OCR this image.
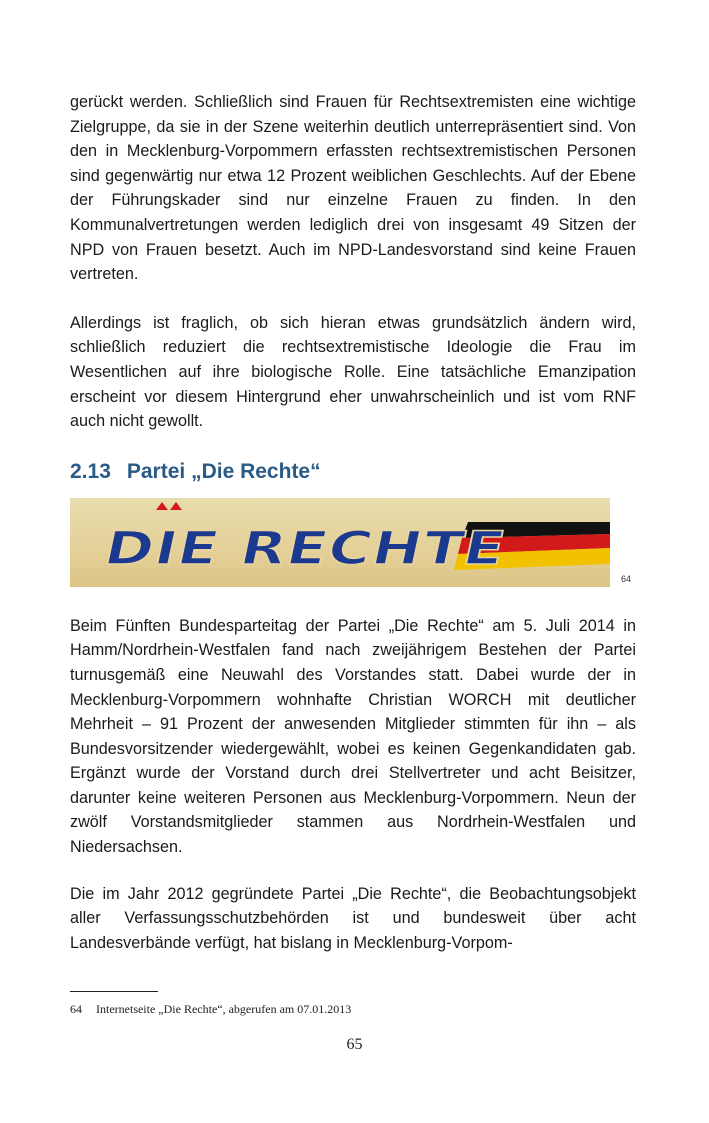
gerückt werden. Schließlich sind Frauen für Rechtsextremisten eine wichtige Zielgruppe, da sie in der Szene weiterhin deutlich unterrepräsentiert sind. Von den in Mecklenburg-Vorpommern erfassten rechtsextremistischen Personen sind gegenwärtig nur etwa 12 Prozent weiblichen Geschlechts. Auf der Ebene der Führungskader sind nur einzelne Frauen zu finden. In den Kommunalvertretungen werden lediglich drei von insgesamt 49 Sitzen der NPD von Frauen besetzt. Auch im NPD-Landesvorstand sind keine Frauen vertreten.

Allerdings ist fraglich, ob sich hieran etwas grundsätzlich ändern wird, schließlich reduziert die rechtsextremistische Ideologie die Frau im Wesentlichen auf ihre biologische Rolle. Eine tatsächliche Emanzipation erscheint vor diesem Hintergrund eher unwahrscheinlich und ist vom RNF auch nicht gewollt.

2.13 Partei „Die Rechte“
DIE RECHTE
64

Beim Fünften Bundesparteitag der Partei „Die Rechte“ am 5. Juli 2014 in Hamm/Nordrhein-Westfalen fand nach zweijährigem Bestehen der Partei turnusgemäß eine Neuwahl des Vorstandes statt. Dabei wurde der in Mecklenburg-Vorpommern wohnhafte Christian WORCH mit deutlicher Mehrheit – 91 Prozent der anwesenden Mitglieder stimmten für ihn – als Bundesvorsitzender wiedergewählt, wobei es keinen Gegenkandidaten gab. Ergänzt wurde der Vorstand durch drei Stellvertreter und acht Beisitzer, darunter keine weiteren Personen aus Mecklenburg-Vorpommern. Neun der zwölf Vorstandsmitglieder stammen aus Nordrhein-Westfalen und Niedersachsen.

Die im Jahr 2012 gegründete Partei „Die Rechte“, die Beobachtungsobjekt aller Verfassungsschutzbehörden ist und bundesweit über acht Landesverbände verfügt, hat bislang in Mecklenburg-Vorpom-

64 Internetseite „Die Rechte“, abgerufen am 07.01.2013
65
